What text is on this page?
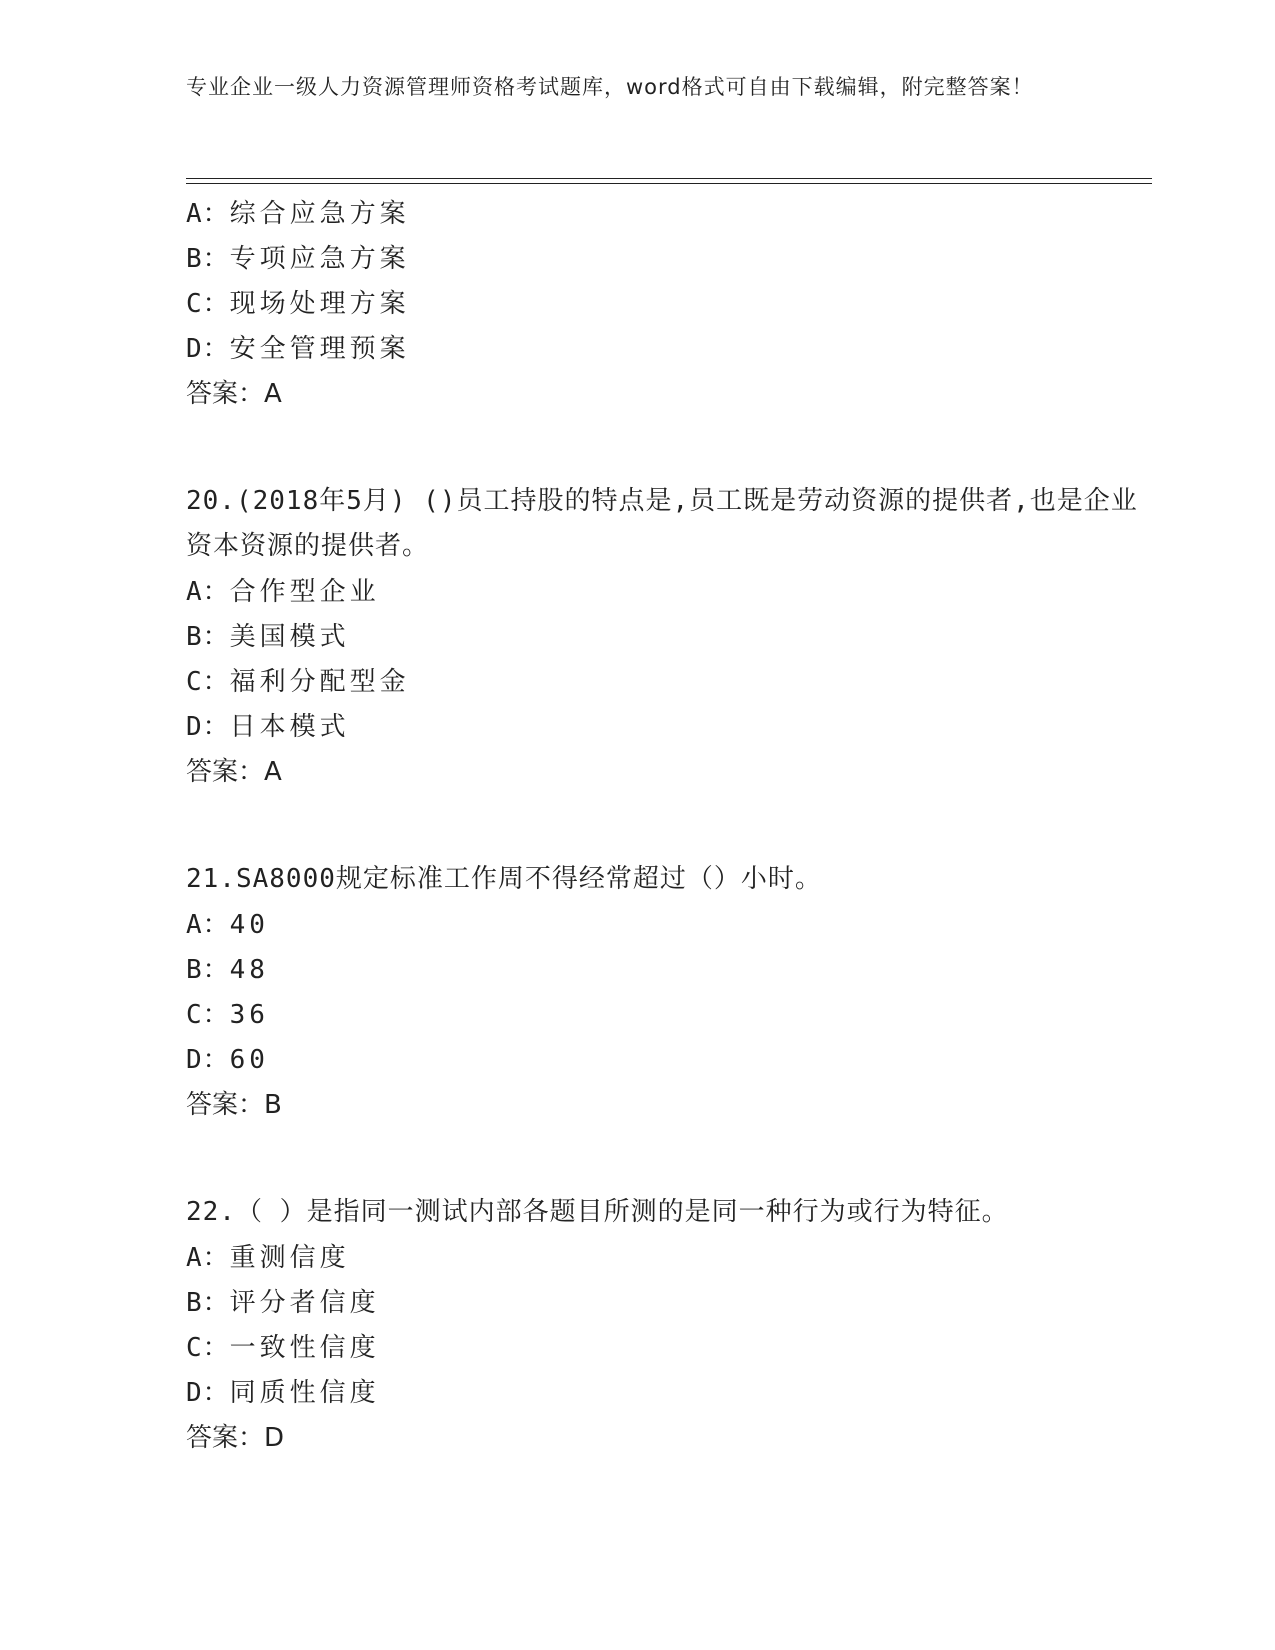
专业企业一级人力资源管理师资格考试题库，word格式可自由下载编辑，附完整答案！
A：综合应急方案
B：专项应急方案
C：现场处理方案
D：安全管理预案
答案：A
20.(2018年5月) ()员工持股的特点是,员工既是劳动资源的提供者,也是企业资本资源的提供者。
A：合作型企业
B：美国模式
C：福利分配型金
D：日本模式
答案：A
21.SA8000规定标准工作周不得经常超过（）小时。
A：40
B：48
C：36
D：60
答案：B
22.（ ）是指同一测试内部各题目所测的是同一种行为或行为特征。
A：重测信度
B：评分者信度
C：一致性信度
D：同质性信度
答案：D
